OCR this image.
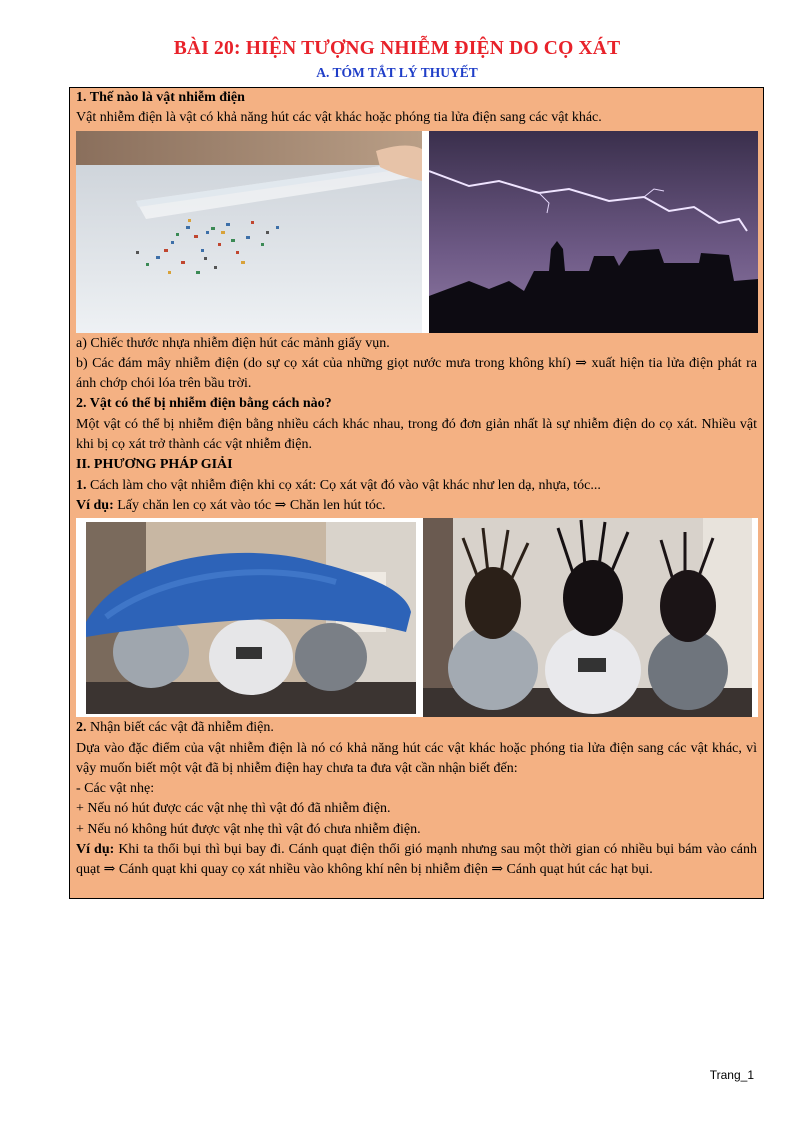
BÀI 20: HIỆN TƯỢNG NHIỄM ĐIỆN DO CỌ XÁT
A. TÓM TẮT LÝ THUYẾT

1. Thế nào là vật nhiễm điện

Vật nhiễm điện là vật có khả năng hút các vật khác hoặc phóng tia lửa điện sang các vật khác.

a) Chiếc thước nhựa nhiễm điện hút các mảnh giấy vụn.

b) Các đám mây nhiễm điện (do sự cọ xát của những giọt nước mưa trong không khí) ⇒ xuất hiện tia lửa điện phát ra ánh chớp chói lóa trên bầu trời.

2. Vật có thể bị nhiễm điện bằng cách nào?

Một vật có thể bị nhiễm điện bằng nhiều cách khác nhau, trong đó đơn giản nhất là sự nhiễm điện do cọ xát. Nhiều vật khi bị cọ xát trở thành các vật nhiễm điện.

II. PHƯƠNG PHÁP GIẢI

1. Cách làm cho vật nhiễm điện khi cọ xát: Cọ xát vật đó vào vật khác như len dạ, nhựa, tóc...

Ví dụ: Lấy chăn len cọ xát vào tóc ⇒ Chăn len hút tóc.

2. Nhận biết các vật đã nhiễm điện.

Dựa vào đặc điểm của vật nhiễm điện là nó có khả năng hút các vật khác hoặc phóng tia lửa điện sang các vật khác, vì vậy muốn biết một vật đã bị nhiễm điện hay chưa ta đưa vật cần nhận biết đến:

- Các vật nhẹ:

+ Nếu nó hút được các vật nhẹ thì vật đó đã nhiễm điện.

+ Nếu nó không hút được vật nhẹ thì vật đó chưa nhiễm điện.

Ví dụ: Khi ta thổi bụi thì bụi bay đi. Cánh quạt điện thổi gió mạnh nhưng sau một thời gian có nhiều bụi bám vào cánh quạt ⇒ Cánh quạt khi quay cọ xát nhiều vào không khí nên bị nhiễm điện ⇒ Cánh quạt hút các hạt bụi.

Trang_1
